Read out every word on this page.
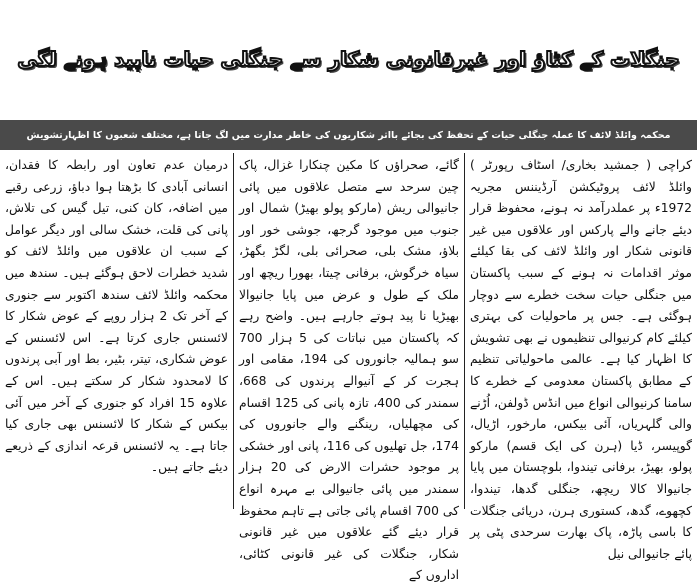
جنگلات کے کٹاؤ اور غیرقانونی شکار سے جنگلی حیات ناپید ہونے لگی
محکمہ وائلڈ لائف کا عملہ جنگلی حیات کے تحفظ کی بجائے بااثر شکاریوں کی خاطر مدارت میں لگ جاتا ہے، مختلف شعبوں کا اظہارتشویش

کراچی ( جمشید بخاری/ اسٹاف رپورٹر ) وائلڈ لائف پروٹیکشن آرڈیننس مجریہ 1972ء پر عملدرآمد نہ ہونے، محفوظ قرار دیئے جانے والے پارکس اور علاقوں میں غیر قانونی شکار اور وائلڈ لائف کی بقا کیلئے موثر اقدامات نہ ہونے کے سبب پاکستان میں جنگلی حیات سخت خطرے سے دوچار ہوگئی ہے۔ جس پر ماحولیات کی بہتری کیلئے کام کرنیوالی تنظیموں نے بھی تشویش کا اظہار کیا ہے۔ عالمی ماحولیاتی تنظیم کے مطابق پاکستان معدومی کے خطرے کا سامنا کرنیوالی انواع میں انڈس ڈولفن، اُڑنے والی گلہریاں، آئی بیکس، مارخور، اڑیال، گوپیسر، ڈیا (ہرن کی ایک قسم) مارکو پولو، بھیڑ، برفانی تیندوا، بلوچستان میں پایا جانیوالا کالا ریچھ، جنگلی گدھا، تیندوا، کچھوے، گدھ، کستوری ہرن، دریائی جنگلات کا باسی پاڑہ، پاک بھارت سرحدی پٹی پر پائے جانیوالی نیل

گائے، صحراؤں کا مکین چنکارا غزال، پاک چین سرحد سے متصل علاقوں میں پائی جانیوالی ریش (مارکو پولو بھیڑ) شمال اور جنوب میں موجود گرجھ، جوشی خور اور بلاؤ، مشک بلی، صحرائی بلی، لگڑ بگھڑ، سیاہ خرگوش، برفانی چیتا، بھورا ریچھ اور ملک کے طول و عرض میں پایا جانیوالا بھیڑیا نا پید ہوتے جارہے ہیں۔ واضح رہے کہ پاکستان میں نباتات کی 5 ہزار 700 سو ہمالیہ جانوروں کی 194، مقامی اور ہجرت کر کے آنیوالے پرندوں کی 668، سمندر کی 400، تازہ پانی کی 125 اقسام کی مچھلیاں، رینگنے والے جانوروں کی 174، جل تھلیوں کی 116، پانی اور خشکی پر موجود حشرات الارض کی 20 ہزار سمندر میں پائی جانیوالی بے مہرہ انواع کی 700 اقسام پائی جاتی ہے تاہم محفوظ قرار دیئے گئے علاقوں میں غیر قانونی شکار، جنگلات کی غیر قانونی کٹائی، اداروں کے

درمیان عدم تعاون اور رابطہ کا فقدان، انسانی آبادی کا بڑھتا ہوا دباؤ، زرعی رقبے میں اضافہ، کان کنی، تیل گیس کی تلاش، پانی کی قلت، خشک سالی اور دیگر عوامل کے سبب ان علاقوں میں وائلڈ لائف کو شدید خطرات لاحق ہوگئے ہیں۔ سندھ میں محکمہ وائلڈ لائف سندھ اکتوبر سے جنوری کے آخر تک 2 ہزار روپے کے عوض شکار کا لائسنس جاری کرتا ہے۔ اس لائسنس کے عوض شکاری، تیتر، بٹیر، بط اور آبی پرندوں کا لامحدود شکار کر سکتے ہیں۔ اس کے علاوہ 15 افراد کو جنوری کے آخر میں آئی بیکس کے شکار کا لائسنس بھی جاری کیا جاتا ہے۔ یہ لائسنس قرعہ اندازی کے ذریعے دیئے جاتے ہیں۔
